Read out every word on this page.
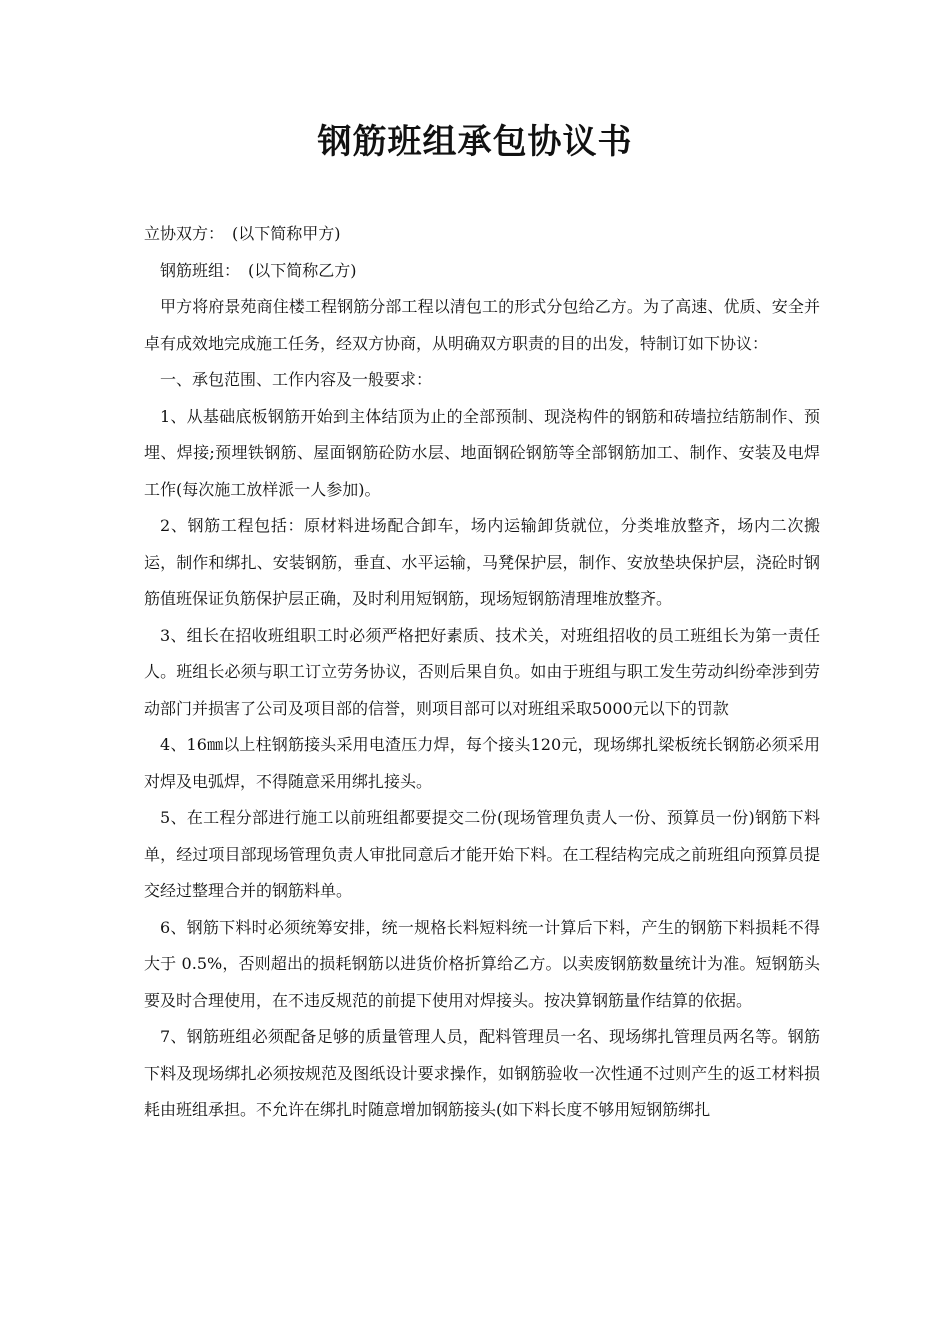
钢筋班组承包协议书

立协双方：　(以下简称甲方)

钢筋班组：　(以下简称乙方)

甲方将府景苑商住楼工程钢筋分部工程以清包工的形式分包给乙方。为了高速、优质、安全并卓有成效地完成施工任务，经双方协商，从明确双方职责的目的出发，特制订如下协议：

一、承包范围、工作内容及一般要求：

1、从基础底板钢筋开始到主体结顶为止的全部预制、现浇构件的钢筋和砖墙拉结筋制作、预埋、焊接;预埋铁钢筋、屋面钢筋砼防水层、地面钢砼钢筋等全部钢筋加工、制作、安装及电焊工作(每次施工放样派一人参加)。

2、钢筋工程包括：原材料进场配合卸车，场内运输卸货就位，分类堆放整齐，场内二次搬运，制作和绑扎、安装钢筋，垂直、水平运输，马凳保护层，制作、安放垫块保护层，浇砼时钢筋值班保证负筋保护层正确，及时利用短钢筋，现场短钢筋清理堆放整齐。

3、组长在招收班组职工时必须严格把好素质、技术关，对班组招收的员工班组长为第一责任人。班组长必须与职工订立劳务协议，否则后果自负。如由于班组与职工发生劳动纠纷牵涉到劳动部门并损害了公司及项目部的信誉，则项目部可以对班组采取5000元以下的罚款

4、16㎜以上柱钢筋接头采用电渣压力焊，每个接头120元，现场绑扎梁板统长钢筋必须采用对焊及电弧焊，不得随意采用绑扎接头。

5、在工程分部进行施工以前班组都要提交二份(现场管理负责人一份、预算员一份)钢筋下料单，经过项目部现场管理负责人审批同意后才能开始下料。在工程结构完成之前班组向预算员提交经过整理合并的钢筋料单。

6、钢筋下料时必须统筹安排，统一规格长料短料统一计算后下料，产生的钢筋下料损耗不得大于 0.5%，否则超出的损耗钢筋以进货价格折算给乙方。以卖废钢筋数量统计为准。短钢筋头要及时合理使用，在不违反规范的前提下使用对焊接头。按决算钢筋量作结算的依据。

7、钢筋班组必须配备足够的质量管理人员，配料管理员一名、现场绑扎管理员两名等。钢筋下料及现场绑扎必须按规范及图纸设计要求操作，如钢筋验收一次性通不过则产生的返工材料损耗由班组承担。不允许在绑扎时随意增加钢筋接头(如下料长度不够用短钢筋绑扎
